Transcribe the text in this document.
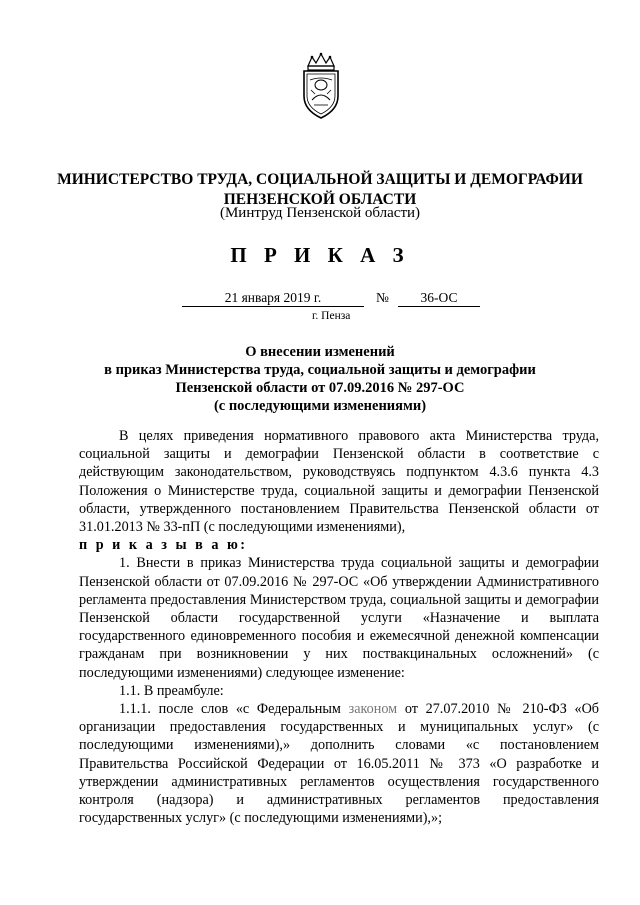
МИНИСТЕРСТВО ТРУДА, СОЦИАЛЬНОЙ ЗАЩИТЫ И ДЕМОГРАФИИ
ПЕНЗЕНСКОЙ ОБЛАСТИ
(Минтруд Пензенской области)
П Р И К А З
21 января 2019 г.	№	36-ОС
г. Пенза
О внесении изменений
в приказ Министерства труда, социальной защиты и демографии
Пензенской области от 07.09.2016 № 297-ОС
(с последующими изменениями)

В целях приведения нормативного правового акта Министерства труда, социальной защиты и демографии Пензенской области в соответствие с действующим законодательством, руководствуясь подпунктом 4.3.6 пункта 4.3 Положения о Министерстве труда, социальной защиты и демографии Пензенской области, утвержденного постановлением Правительства Пензенской области от 31.01.2013 № 33-пП (с последующими изменениями),

п р и к а з ы в а ю:

1. Внести в приказ Министерства труда социальной защиты и демографии Пензенской области от 07.09.2016 № 297-ОС «Об утверждении Административного регламента предоставления Министерством труда, социальной защиты и демографии Пензенской области государственной услуги «Назначение и выплата государственного единовременного пособия и ежемесячной денежной компенсации гражданам при возникновении у них поствакцинальных осложнений» (с последующими изменениями) следующее изменение:

1.1. В преамбуле:

1.1.1. после слов «с Федеральным законом от 27.07.2010 № 210-ФЗ «Об организации предоставления государственных и муниципальных услуг» (с последующими изменениями),» дополнить словами «с постановлением Правительства Российской Федерации от 16.05.2011 № 373 «О разработке и утверждении административных регламентов осуществления государственного контроля (надзора) и административных регламентов предоставления государственных услуг» (с последующими изменениями),»;
